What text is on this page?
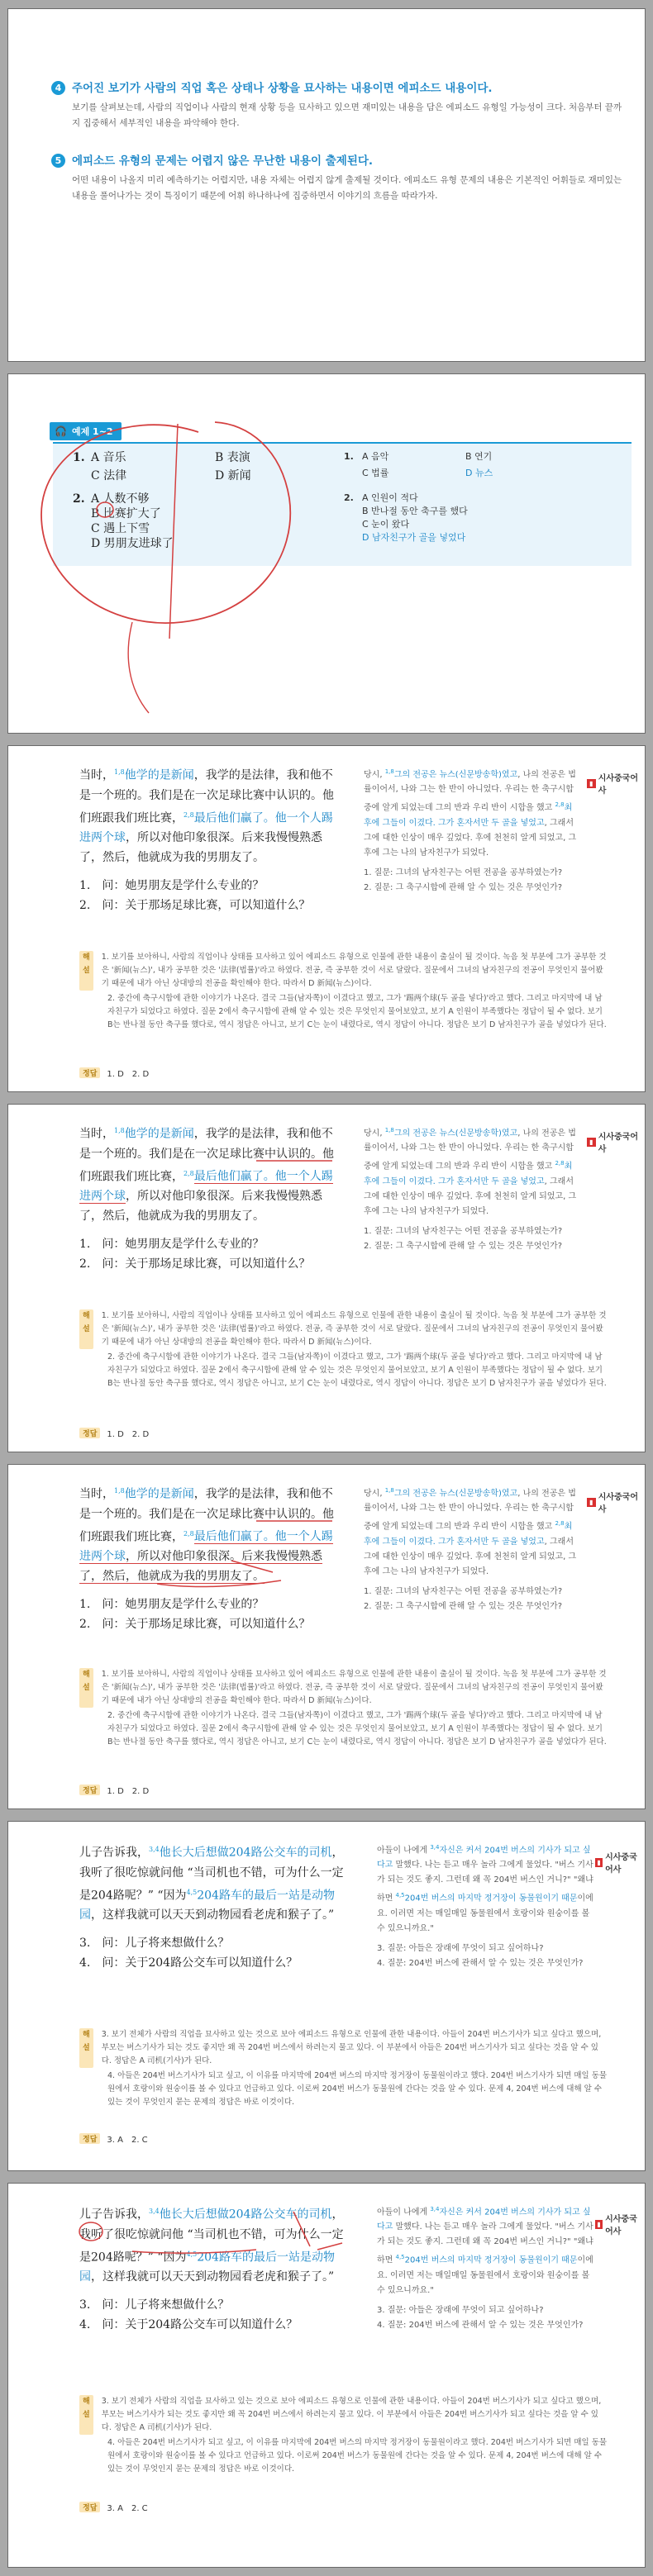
4 주어진 보기가 사람의 직업 혹은 상태나 상황을 묘사하는 내용이면 에피소드 내용이다.
보기를 살펴보는데, 사람의 직업이나 사람의 현재 상황 등을 묘사하고 있으면 재미있는 내용을 담은 에피소드 유형일 가능성이 크다. 처음부터 끝까지 집중해서 세부적인 내용을 파악해야 한다.
5 에피소드 유형의 문제는 어렵지 않은 무난한 내용이 출제된다.
어떤 내용이 나올지 미리 예측하기는 어렵지만, 내용 자체는 어렵지 않게 출제될 것이다. 에피소드 유형 문제의 내용은 기본적인 어휘들로 재미있는 내용을 풀어나가는 것이 특징이기 때문에 어휘 하나하나에 집중하면서 이야기의 흐름을 따라가자.
🎧 예제 1~2
1. A 音乐	B 表演
C 法律	D 新闻
2. A 人数不够
B 比赛扩大了
C 遇上下雪
D 男朋友进球了
1. A 음악	B 연기
C 법률	D 뉴스
2. A 인원이 적다
B 반나절 동안 축구를 했다
C 눈이 왔다
D 남자친구가 골을 넣었다
当时，$^{1,8}$他学的是新闻，我学的是法律，我和他不是一个班的。我们是在一次足球比赛中认识的。他们班跟我们班比赛，$^{2,8}$最后他们赢了。他一个人踢进两个球，所以对他印象很深。后来我慢慢熟悉了，然后，他就成为我的男朋友了。
1.　问：她男朋友是学什么专业的？
2.　问：关于那场足球比赛，可以知道什么？
당시, $^{1,8}$그의 전공은 뉴스(신문방송학)였고, 나의 전공은 법률이어서, 나와 그는 한 반이 아니었다. 우리는 한 축구시합 중에 알게 되었는데 그의 반과 우리 반이 시합을 했고 $^{2,8}$최후에 그들이 이겼다. 그가 혼자서만 두 골을 넣었고, 그래서 그에 대한 인상이 매우 깊었다. 후에 천천히 알게 되었고, 그후에 그는 나의 남자친구가 되었다.
1. 질문: 그녀의 남자친구는 어떤 전공을 공부하였는가?
2. 질문: 그 축구시합에 관해 알 수 있는 것은 무엇인가?
▮ 시사중국어사
해설
1. 보기를 보아하니, 사람의 직업이나 상태를 묘사하고 있어 에피소드 유형으로 인물에 관한 내용이 출실이 될 것이다. 녹음 첫 부분에 그가 공부한 것은 '新闻(뉴스)', 내가 공부한 것은 '法律(법률)'라고 하였다. 전공, 즉 공부한 것이 서로 달랐다. 질문에서 그녀의 남자친구의 전공이 무엇인지 물어봤기 때문에 내가 아닌 상대방의 전공을 확인해야 한다. 따라서 D 新闻(뉴스)이다.
2. 중간에 축구시합에 관한 이야기가 나온다. 결국 그들(남자쪽)이 이겼다고 했고, 그가 '踢两个球(두 골을 넣다)'라고 했다. 그리고 마지막에 내 남자친구가 되었다고 하였다. 질문 2에서 축구시합에 관해 알 수 있는 것은 무엇인지 물어보았고, 보기 A 인원이 부족했다는 정답이 될 수 없다. 보기 B는 반나절 동안 축구를 했다로, 역시 정답은 아니고, 보기 C는 눈이 내렸다로, 역시 정답이 아니다. 정답은 보기 D 남자친구가 골을 넣었다가 된다.
정답	1. D　2. D
当时，$^{1,8}$他学的是新闻，我学的是法律，我和他不是一个班的。我们是在一次足球比赛中认识的。他们班跟我们班比赛，$^{2,8}$最后他们赢了。他一个人踢进两个球，所以对他印象很深。后来我慢慢熟悉了，然后，他就成为我的男朋友了。
1.　问：她男朋友是学什么专业的？
2.　问：关于那场足球比赛，可以知道什么？
당시, $^{1,8}$그의 전공은 뉴스(신문방송학)였고, 나의 전공은 법률이어서, 나와 그는 한 반이 아니었다. 우리는 한 축구시합 중에 알게 되었는데 그의 반과 우리 반이 시합을 했고 $^{2,8}$최후에 그들이 이겼다. 그가 혼자서만 두 골을 넣었고, 그래서 그에 대한 인상이 매우 깊었다. 후에 천천히 알게 되었고, 그후에 그는 나의 남자친구가 되었다.
1. 질문: 그녀의 남자친구는 어떤 전공을 공부하였는가?
2. 질문: 그 축구시합에 관해 알 수 있는 것은 무엇인가?
▮ 시사중국어사
해설
1. 보기를 보아하니, 사람의 직업이나 상태를 묘사하고 있어 에피소드 유형으로 인물에 관한 내용이 출실이 될 것이다. 녹음 첫 부분에 그가 공부한 것은 '新闻(뉴스)', 내가 공부한 것은 '法律(법률)'라고 하였다. 전공, 즉 공부한 것이 서로 달랐다. 질문에서 그녀의 남자친구의 전공이 무엇인지 물어봤기 때문에 내가 아닌 상대방의 전공을 확인해야 한다. 따라서 D 新闻(뉴스)이다.
2. 중간에 축구시합에 관한 이야기가 나온다. 결국 그들(남자쪽)이 이겼다고 했고, 그가 '踢两个球(두 골을 넣다)'라고 했다. 그리고 마지막에 내 남자친구가 되었다고 하였다. 질문 2에서 축구시합에 관해 알 수 있는 것은 무엇인지 물어보았고, 보기 A 인원이 부족했다는 정답이 될 수 없다. 보기 B는 반나절 동안 축구를 했다로, 역시 정답은 아니고, 보기 C는 눈이 내렸다로, 역시 정답이 아니다. 정답은 보기 D 남자친구가 골을 넣었다가 된다.
정답	1. D　2. D
当时，$^{1,8}$他学的是新闻，我学的是法律，我和他不是一个班的。我们是在一次足球比赛中认识的。他们班跟我们班比赛，$^{2,8}$最后他们赢了。他一个人踢进两个球，所以对他印象很深。后来我慢慢熟悉了，然后，他就成为我的男朋友了。
1.　问：她男朋友是学什么专业的？
2.　问：关于那场足球比赛，可以知道什么？
당시, $^{1,8}$그의 전공은 뉴스(신문방송학)였고, 나의 전공은 법률이어서, 나와 그는 한 반이 아니었다. 우리는 한 축구시합 중에 알게 되었는데 그의 반과 우리 반이 시합을 했고 $^{2,8}$최후에 그들이 이겼다. 그가 혼자서만 두 골을 넣었고, 그래서 그에 대한 인상이 매우 깊었다. 후에 천천히 알게 되었고, 그후에 그는 나의 남자친구가 되었다.
1. 질문: 그녀의 남자친구는 어떤 전공을 공부하였는가?
2. 질문: 그 축구시합에 관해 알 수 있는 것은 무엇인가?
▮ 시사중국어사
해설
1. 보기를 보아하니, 사람의 직업이나 상태를 묘사하고 있어 에피소드 유형으로 인물에 관한 내용이 출실이 될 것이다. 녹음 첫 부분에 그가 공부한 것은 '新闻(뉴스)', 내가 공부한 것은 '法律(법률)'라고 하였다. 전공, 즉 공부한 것이 서로 달랐다. 질문에서 그녀의 남자친구의 전공이 무엇인지 물어봤기 때문에 내가 아닌 상대방의 전공을 확인해야 한다. 따라서 D 新闻(뉴스)이다.
2. 중간에 축구시합에 관한 이야기가 나온다. 결국 그들(남자쪽)이 이겼다고 했고, 그가 '踢两个球(두 골을 넣다)'라고 했다. 그리고 마지막에 내 남자친구가 되었다고 하였다. 질문 2에서 축구시합에 관해 알 수 있는 것은 무엇인지 물어보았고, 보기 A 인원이 부족했다는 정답이 될 수 없다. 보기 B는 반나절 동안 축구를 했다로, 역시 정답은 아니고, 보기 C는 눈이 내렸다로, 역시 정답이 아니다. 정답은 보기 D 남자친구가 골을 넣었다가 된다.
정답	1. D　2. D
儿子告诉我，$^{3,4}$他长大后想做204路公交车的司机，我听了很吃惊就问他 “当司机也不错，可为什么一定是204路呢？” “因为$^{4,5}$204路车的最后一站是动物园，这样我就可以天天到动物园看老虎和猴子了。”
3.　问：儿子将来想做什么？
4.　问：关于204路公交车可以知道什么？
아들이 나에게 $^{3,4}$자신은 커서 204번 버스의 기사가 되고 싶다고 말했다. 나는 듣고 매우 놀라 그에게 물었다. "버스 기사가 되는 것도 좋지. 그런데 왜 꼭 204번 버스인 거니?" "왜냐하면 $^{4,5}$204번 버스의 마지막 정거장이 동물원이기 때문이에요. 이러면 저는 매일매일 동물원에서 호랑이와 원숭이를 볼 수 있으니까요."
3. 질문: 아들은 장래에 무엇이 되고 싶어하나?
4. 질문: 204번 버스에 관해서 알 수 있는 것은 무엇인가?
▮ 시사중국어사
해설
3. 보기 전체가 사람의 직업을 묘사하고 있는 것으로 보아 에피소드 유형으로 인물에 관한 내용이다. 아들이 204번 버스기사가 되고 싶다고 했으며, 부모는 버스기사가 되는 것도 좋지만 왜 꼭 204번 버스에서 하려는지 물고 있다. 이 부분에서 아들은 204번 버스기사가 되고 싶다는 것을 알 수 있다. 정답은 A 司机(기사)가 된다.
4. 아들은 204번 버스기사가 되고 싶고, 이 이유를 마지막에 204번 버스의 마지막 정거장이 동물원이라고 했다. 204번 버스기사가 되면 매일 동물원에서 호랑이와 원숭이를 볼 수 있다고 언급하고 있다. 이로써 204번 버스가 동물원에 간다는 것을 알 수 있다. 문제 4, 204번 버스에 대해 알 수 있는 것이 무엇인지 묻는 문제의 정답은 바로 이것이다.
정답	3. A　2. C
儿子告诉我，$^{3,4}$他长大后想做204路公交车的司机，我听了很吃惊就问他 “当司机也不错，可为什么一定是204路呢？” “因为$^{4,5}$204路车的最后一站是动物园，这样我就可以天天到动物园看老虎和猴子了。”
3.　问：儿子将来想做什么？
4.　问：关于204路公交车可以知道什么？
아들이 나에게 $^{3,4}$자신은 커서 204번 버스의 기사가 되고 싶다고 말했다. 나는 듣고 매우 놀라 그에게 물었다. "버스 기사가 되는 것도 좋지. 그런데 왜 꼭 204번 버스인 거니?" "왜냐하면 $^{4,5}$204번 버스의 마지막 정거장이 동물원이기 때문이에요. 이러면 저는 매일매일 동물원에서 호랑이와 원숭이를 볼 수 있으니까요."
3. 질문: 아들은 장래에 무엇이 되고 싶어하나?
4. 질문: 204번 버스에 관해서 알 수 있는 것은 무엇인가?
▮ 시사중국어사
해설
3. 보기 전체가 사람의 직업을 묘사하고 있는 것으로 보아 에피소드 유형으로 인물에 관한 내용이다. 아들이 204번 버스기사가 되고 싶다고 했으며, 부모는 버스기사가 되는 것도 좋지만 왜 꼭 204번 버스에서 하려는지 물고 있다. 이 부분에서 아들은 204번 버스기사가 되고 싶다는 것을 알 수 있다. 정답은 A 司机(기사)가 된다.
4. 아들은 204번 버스기사가 되고 싶고, 이 이유를 마지막에 204번 버스의 마지막 정거장이 동물원이라고 했다. 204번 버스기사가 되면 매일 동물원에서 호랑이와 원숭이를 볼 수 있다고 언급하고 있다. 이로써 204번 버스가 동물원에 간다는 것을 알 수 있다. 문제 4, 204번 버스에 대해 알 수 있는 것이 무엇인지 묻는 문제의 정답은 바로 이것이다.
정답	3. A　2. C
